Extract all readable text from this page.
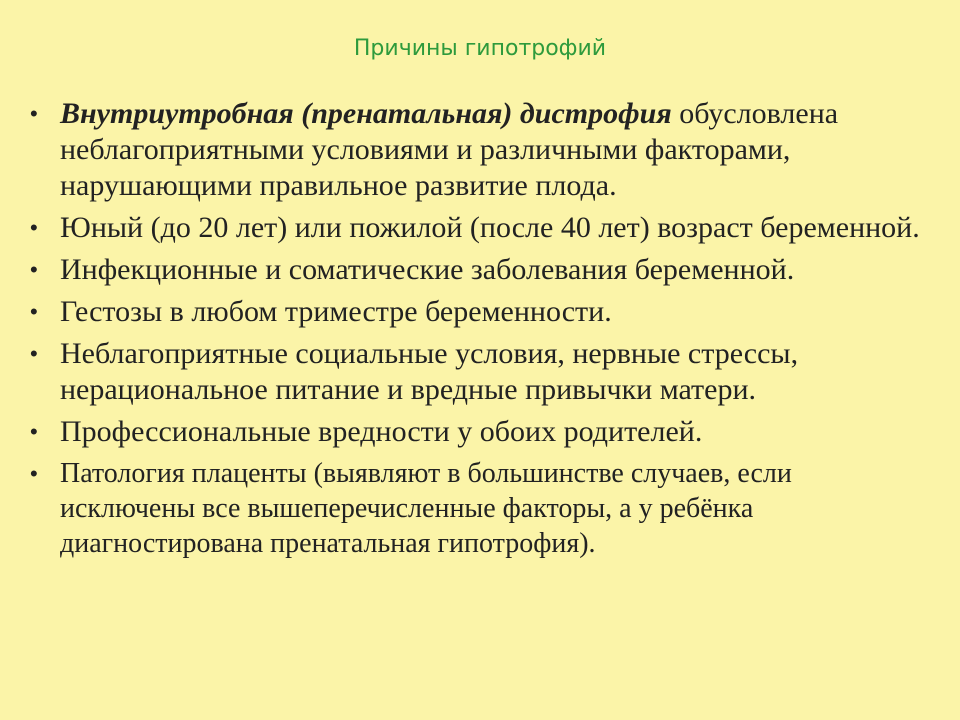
Причины гипотрофий
• Внутриутробная (пренатальная) дистрофия обусловлена неблагоприятными условиями и различными факторами, нарушающими правильное развитие плода.
• Юный (до 20 лет) или пожилой (после 40 лет) возраст беременной.
• Инфекционные и соматические заболевания беременной.
• Гестозы в любом триместре беременности.
• Неблагоприятные социальные условия, нервные стрессы, нерациональное питание и вредные привычки матери.
• Профессиональные вредности у обоих родителей.
• Патология плаценты (выявляют в большинстве случаев, если исключены все вышеперечисленные факторы, а у ребёнка диагностирована пренатальная гипотрофия).
